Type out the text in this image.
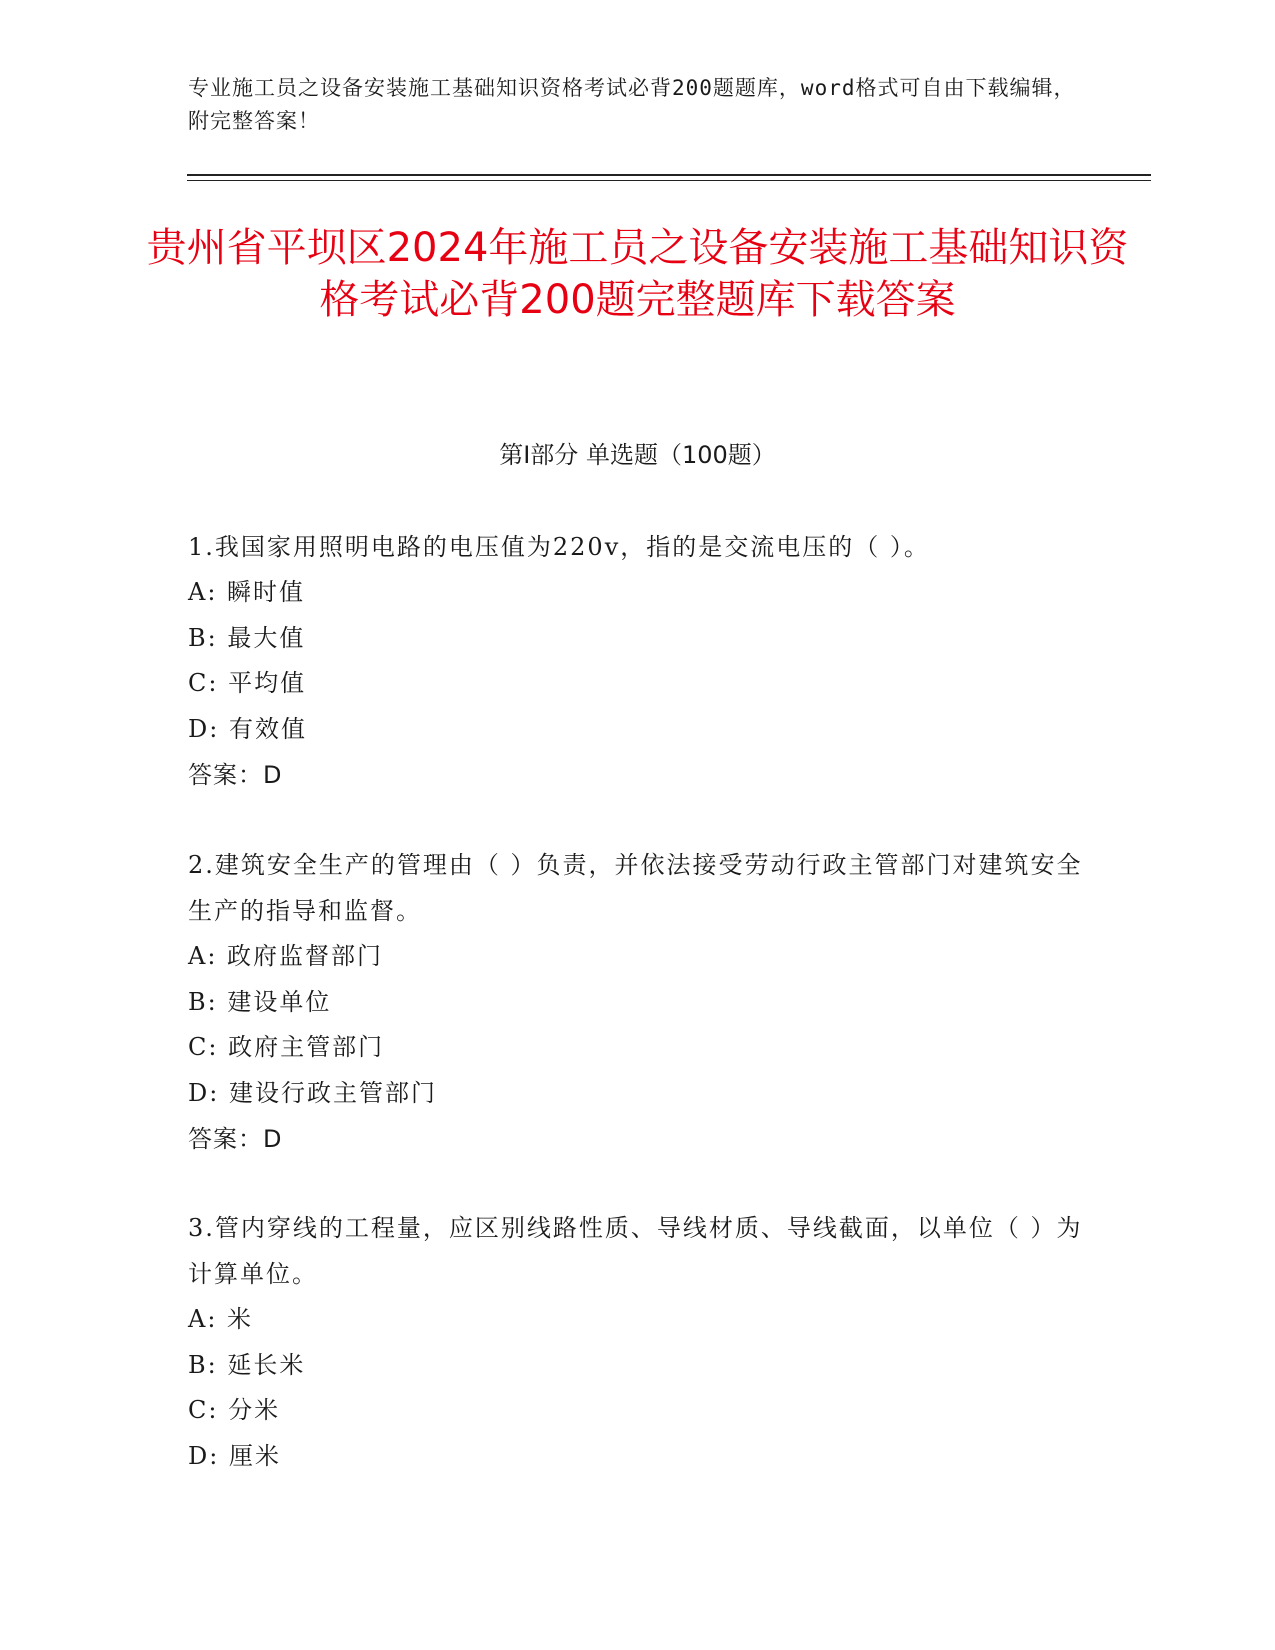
专业施工员之设备安装施工基础知识资格考试必背200题题库，word格式可自由下载编辑，附完整答案！
贵州省平坝区2024年施工员之设备安装施工基础知识资格考试必背200题完整题库下载答案
第Ⅰ部分 单选题（100题）

1.我国家用照明电路的电压值为220v，指的是交流电压的（ ）。

A: 瞬时值

B: 最大值

C: 平均值

D: 有效值

答案：D

2.建筑安全生产的管理由（ ）负责，并依法接受劳动行政主管部门对建筑安全生产的指导和监督。

A: 政府监督部门

B: 建设单位

C: 政府主管部门

D: 建设行政主管部门

答案：D

3.管内穿线的工程量，应区别线路性质、导线材质、导线截面，以单位（ ）为计算单位。

A: 米

B: 延长米

C: 分米

D: 厘米
